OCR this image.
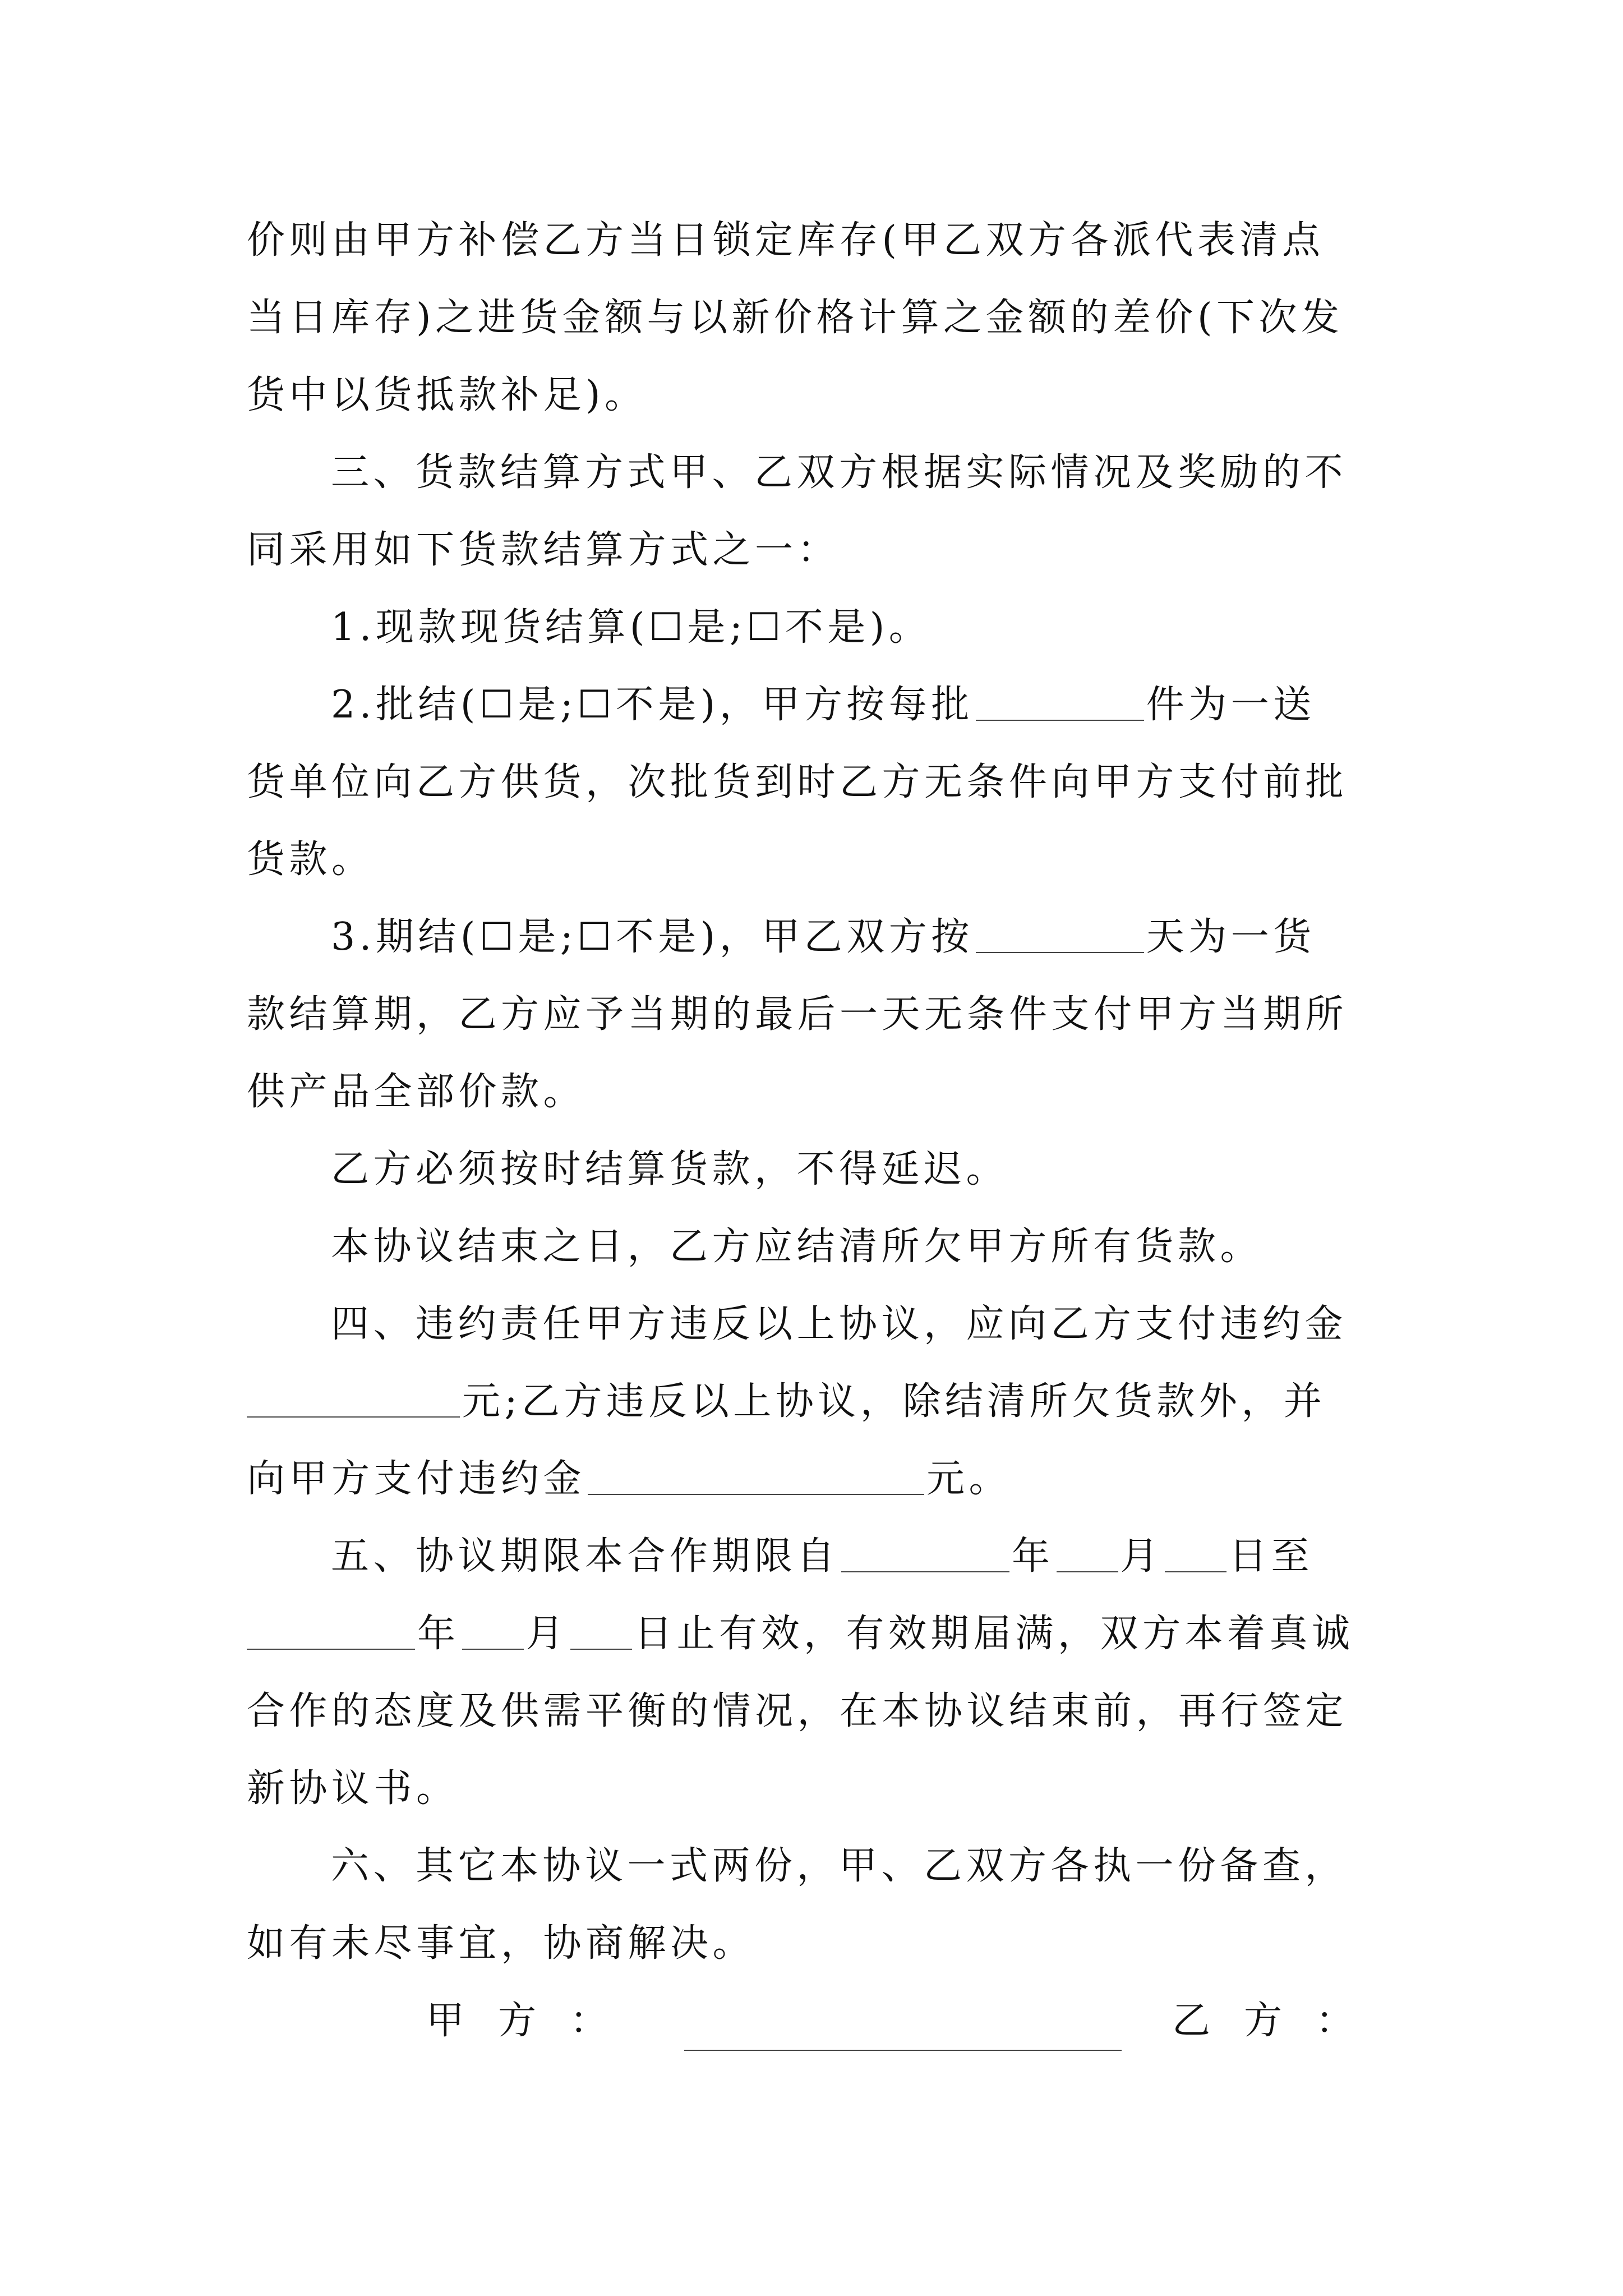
价则由甲方补偿乙方当日锁定库存(甲乙双方各派代表清点
当日库存)之进货金额与以新价格计算之金额的差价(下次发
货中以货抵款补足)。
三、货款结算方式甲、乙双方根据实际情况及奖励的不
同采用如下货款结算方式之一：
1.现款现货结算(☐是;☐不是)。
2.批结(☐是;☐不是)，甲方按每批	件为一送
货单位向乙方供货，次批货到时乙方无条件向甲方支付前批
货款。
3.期结(☐是;☐不是)，甲乙双方按	天为一货
款结算期，乙方应予当期的最后一天无条件支付甲方当期所
供产品全部价款。
乙方必须按时结算货款，不得延迟。
本协议结束之日，乙方应结清所欠甲方所有货款。
四、违约责任甲方违反以上协议，应向乙方支付违约金
元;乙方违反以上协议，除结清所欠货款外，并
向甲方支付违约金	元。
五、协议期限本合作期限自	年 月 日至
年 月 日止有效，有效期届满，双方本着真诚
合作的态度及供需平衡的情况，在本协议结束前，再行签定
新协议书。
六、其它本协议一式两份，甲、乙双方各执一份备查，
如有未尽事宜，协商解决。
甲方：	乙方：
